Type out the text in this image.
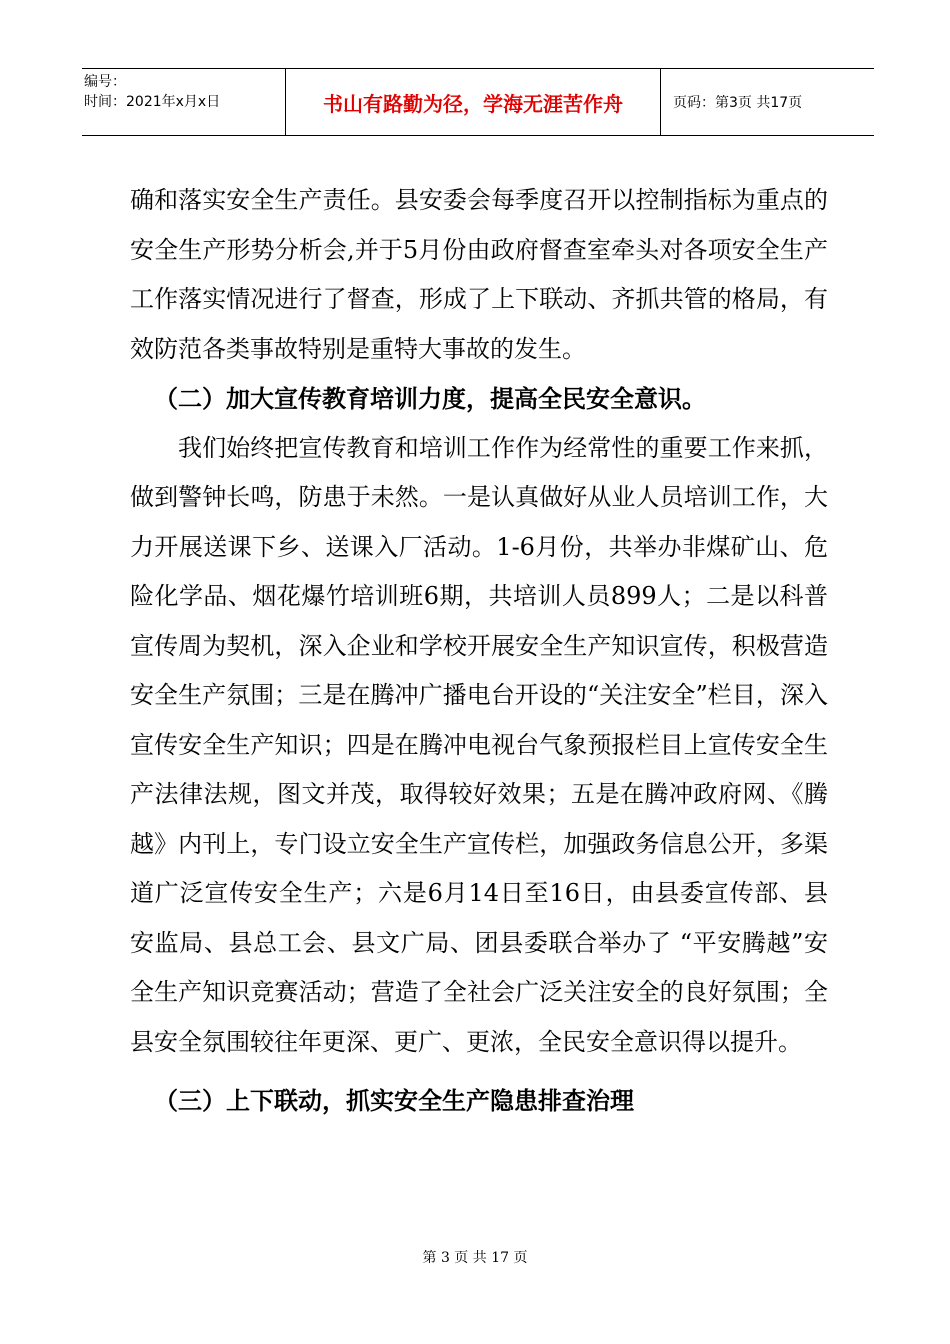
编号：
时间：2021年x月x日	书山有路勤为径，学海无涯苦作舟	页码：第3页 共17页

确和落实安全生产责任。县安委会每季度召开以控制指标为重点的安全生产形势分析会,并于5月份由政府督查室牵头对各项安全生产工作落实情况进行了督查，形成了上下联动、齐抓共管的格局，有效防范各类事故特别是重特大事故的发生。

（二）加大宣传教育培训力度，提高全民安全意识。

我们始终把宣传教育和培训工作作为经常性的重要工作来抓，做到警钟长鸣，防患于未然。一是认真做好从业人员培训工作，大力开展送课下乡、送课入厂活动。1-6月份，共举办非煤矿山、危险化学品、烟花爆竹培训班6期，共培训人员899人；二是以科普宣传周为契机，深入企业和学校开展安全生产知识宣传，积极营造安全生产氛围；三是在腾冲广播电台开设的“关注安全”栏目，深入宣传安全生产知识；四是在腾冲电视台气象预报栏目上宣传安全生产法律法规，图文并茂，取得较好效果；五是在腾冲政府网、《腾越》内刊上，专门设立安全生产宣传栏，加强政务信息公开，多渠道广泛宣传安全生产；六是6月14日至16日，由县委宣传部、县安监局、县总工会、县文广局、团县委联合举办了 “平安腾越”安全生产知识竞赛活动；营造了全社会广泛关注安全的良好氛围；全县安全氛围较往年更深、更广、更浓，全民安全意识得以提升。

（三）上下联动，抓实安全生产隐患排查治理

第 3 页 共 17 页
